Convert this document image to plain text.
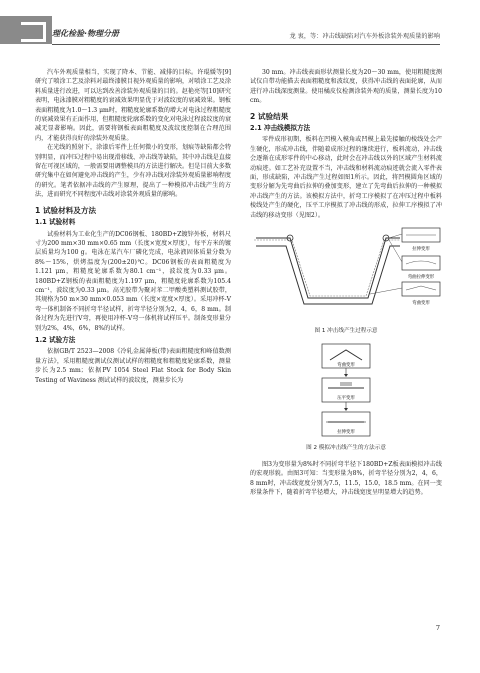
理化检验·物理分册	龙 衷，等：冲击线缺陷对汽车外板涂装外观质量的影响

汽车外观质量相当，实现了降本、节能、减排的目标。许琨媛等[9]研究了喷涂工艺及涂料对最终漆膜目视外观质量的影响，对喷涂工艺及涂料质量进行改进，可以达到改善涂装外观质量的目的。赵艳亮等[10]研究表明，电泳漆膜对粗糙度的衰减效果明显优于对波纹度的衰减效果。钢板表面粗糙度为1.0～1.3 μm时，粗糙度轮廓系数的增大对电泳过程粗糙度的衰减效果有正面作用，但粗糙度轮廓系数的变化对电泳过程波纹度的衰减无显著影响。因此，需要将钢板表面粗糙度及波纹度控制在合理范围内，才能获得良好的涂装外观质量。

在光线的照射下，涂漆后零件上任何微小的变形，划痕等缺陷都会特别明显，而冲压过程中易出现滑移线、冲击线等缺陷，其中冲击线是直接留在可视区域的，一般需要用调整模具的方法进行解决。但是目前大多数研究集中在如何避免冲击线的产生，少有冲击线对涂装外观质量影响程度的研究。笔者依据冲击线的产生原理，提出了一种模拟冲击线产生的方法，进而研究不同程度冲击线对涂装外观质量的影响。

1 试验材料及方法
1.1 试验材料

试验材料为工业化生产的DC06钢板、180BD+Z镀锌外板，材料尺寸为200 mm×30 mm×0.65 mm（长度×宽度×厚度），每平方米的镀层质量均为100 g。电泳在某汽车厂磷化完成，电泳液固体质量分数为8%～15%，烘烤温度为(200±20)℃。DC06钢板的表面粗糙度为1.121 μm，粗糙度轮廓系数为80.1 cm⁻¹，波纹度为0.33 μm。180BD+Z钢板的表面粗糙度为1.197 μm，粗糙度轮廓系数为105.4 cm⁻¹，波纹度为0.33 μm。高光胶带为聚对苯二甲酸类塑料测试胶带，其规格为50 m×30 mm×0.053 mm（长度×宽度×厚度）。采用冲杯-V弯一体机制备不同折弯半径试样，折弯半径分别为2，4，6，8 mm。制备过程为先进行V弯，再使用冲杯-V弯一体机将试样压平。制备变形量分别为2%，4%，6%，8%的试样。

1.2 试验方法

依据GB/T 2523—2008《冷轧金属薄板(带)表面粗糙度和峰值数测量方法》，采用粗糙度测试仪测试试样的粗糙度和粗糙度轮廓系数，测量步长为2.5 mm；依据PV 1054 Steel Flat Stock for Body Skin Testing of Waviness 测试试样的波纹度，测量步长为

30 mm。冲击线表面形状测量长度为20～30 mm，使用粗糙度测试仪自带功能描去表面粗糙度和波纹度，获得冲击线的表面轮廓，从而进行冲击线深度测量。使用橘皮仪检测涂装外观的质量，测量长度为10 cm。

2 试验结果
2.1 冲击线模拟方法

零件成形初期，板料在凹模入模角或凹模上最先接触的棱线处会产生硬化，形成冲击线，伴随着成形过程的继续进行，板料流动，冲击线会逐渐在成形零件的中心移动，此时会在冲击线以外的区域产生材料流动痕迹。如工艺补充设置不当，冲击线和材料流动痕迹就会流入零件表面，形成缺陷，冲击线产生过程如图1所示。因此，将凹模圆角区域的变形分解为先弯曲后拉伸的叠加变形，建立了先弯曲后拉伸的一种模拟冲击线产生的方法。该模拟方法中，折弯工序模拟了在冲压过程中板料棱线处产生的硬化，压平工序模拟了冲击线的形成，拉伸工序模拟了冲击线的移动变形（见图2）。

拉伸变形
弯曲拉伸变形
弯曲变形
图 1 冲击线产生过程示意
弯曲变形
压平变形
拉伸变形
图 2 模拟冲击线产生的方法示意

图3为变形量为8%时不同折弯半径下180BD+Z板表面模拟冲击线的宏观形貌。由图3可知：当变形量为8%，折弯半径分别为2，4，6，8 mm时，冲击线宽度分别为7.5，11.5，15.0，18.5 mm。在同一变形量条件下，随着折弯半径增大，冲击线宽度呈明显增大的趋势。

7
